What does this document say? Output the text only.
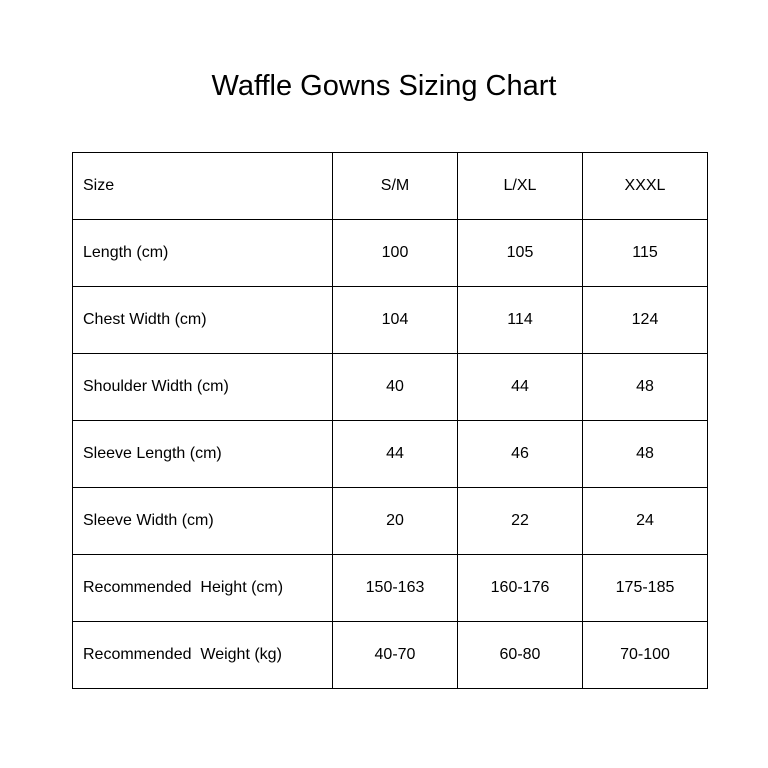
Waffle Gowns Sizing Chart
Size	S/M	L/XL	XXXL
Length (cm)	100	105	115
Chest Width (cm)	104	114	124
Shoulder Width (cm)	40	44	48
Sleeve Length (cm)	44	46	48
Sleeve Width (cm)	20	22	24
Recommended  Height (cm)	150-163	160-176	175-185
Recommended  Weight (kg)	40-70	60-80	70-100
